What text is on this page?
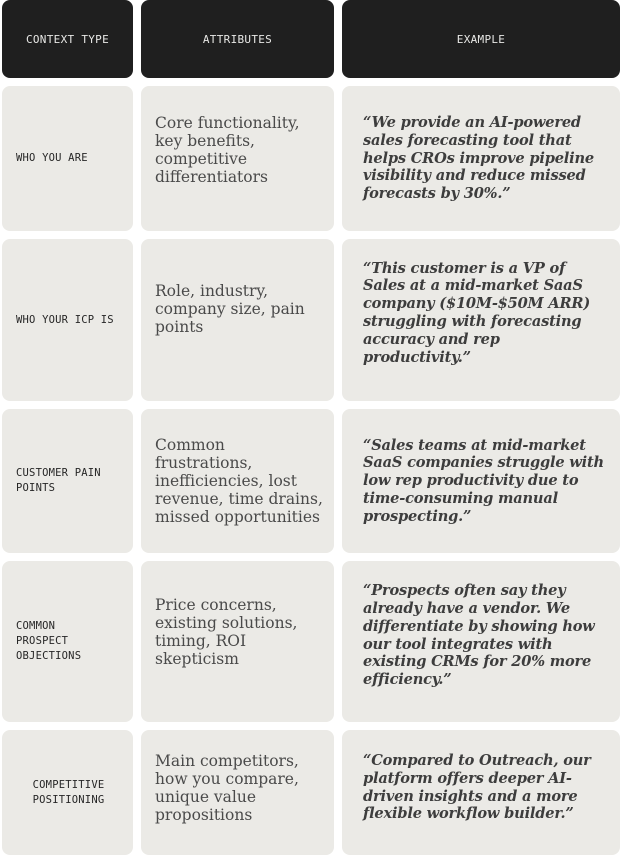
CONTEXT TYPE	ATTRIBUTES	EXAMPLE
WHO YOU ARE
Core functionality, key benefits, competitive differentiators
“We provide an AI-powered sales forecasting tool that helps CROs improve pipeline visibility and reduce missed forecasts by 30%.”
WHO YOUR ICP IS
Role, industry, company size, pain points
“This customer is a VP of Sales at a mid-market SaaS company ($10M-$50M ARR) struggling with forecasting accuracy and rep productivity.”
CUSTOMER PAIN POINTS
Common frustrations, inefficiencies, lost revenue, time drains, missed opportunities
“Sales teams at mid-market SaaS companies struggle with low rep productivity due to time-consuming manual prospecting.”
COMMON PROSPECT OBJECTIONS
Price concerns, existing solutions, timing, ROI skepticism
“Prospects often say they already have a vendor. We differentiate by showing how our tool integrates with existing CRMs for 20% more efficiency.”
COMPETITIVE POSITIONING
Main competitors, how you compare, unique value propositions
“Compared to Outreach, our platform offers deeper AI-driven insights and a more flexible workflow builder.”
